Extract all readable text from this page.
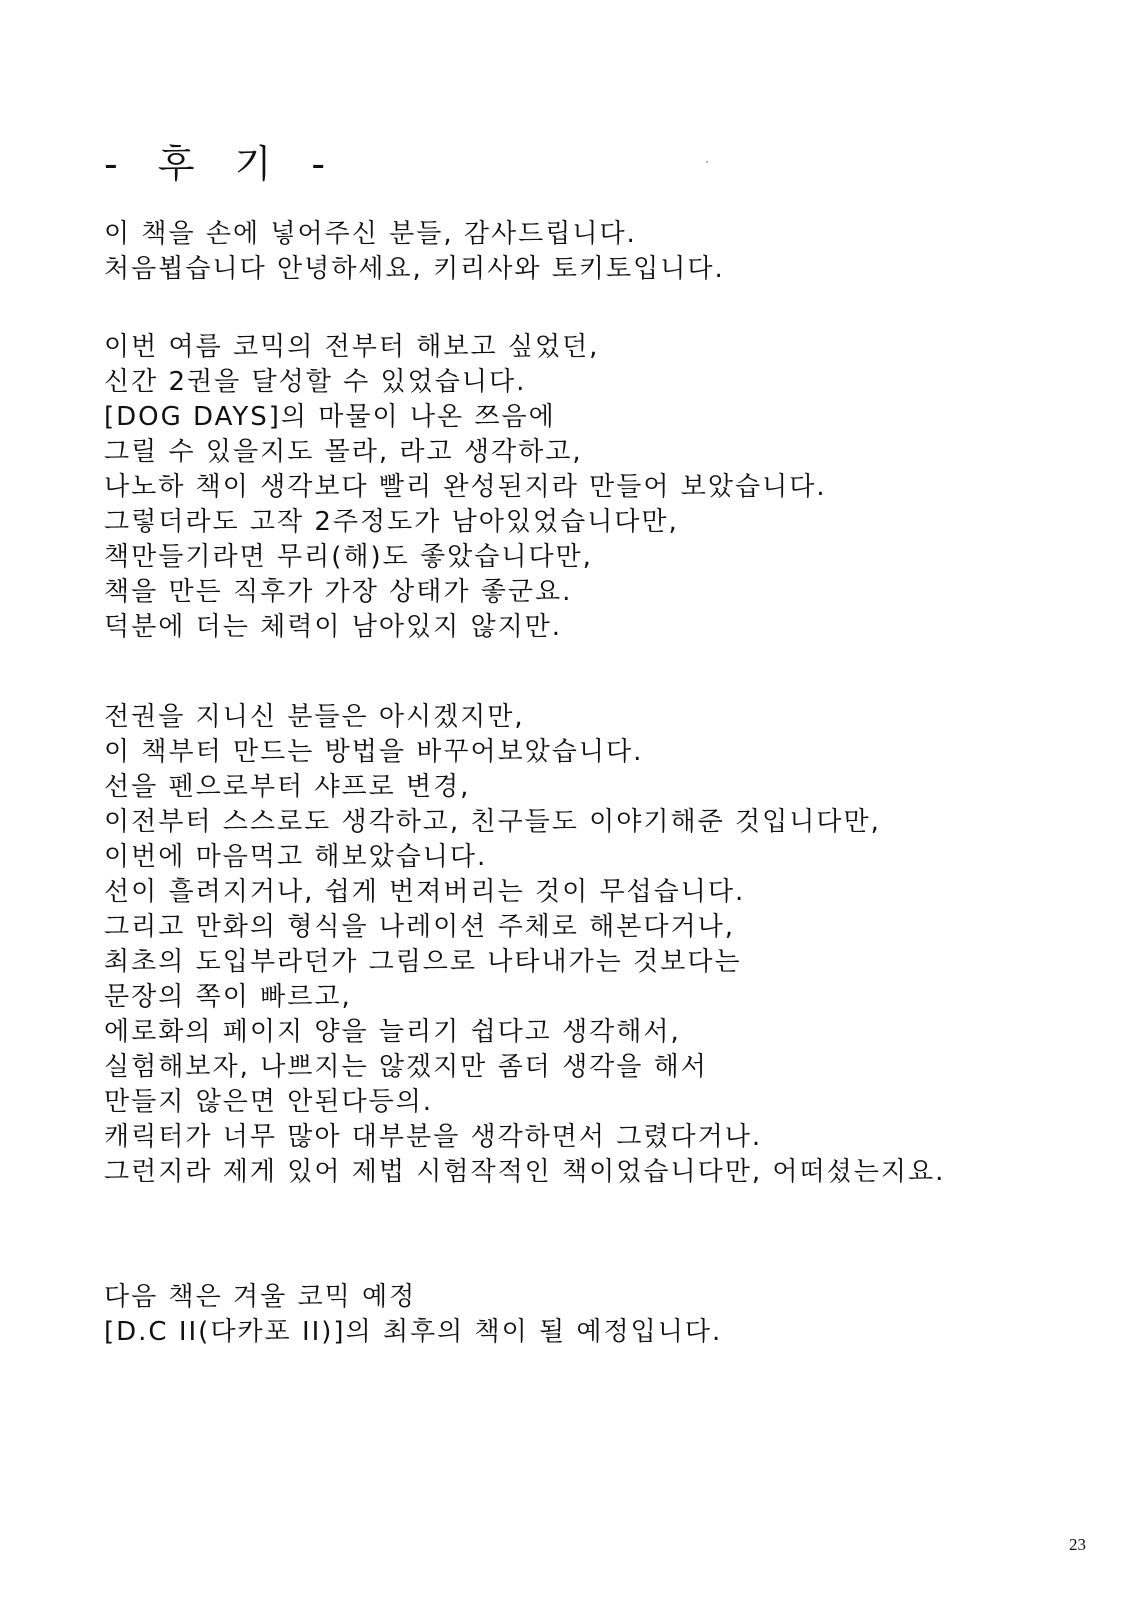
- 후 기 -
이 책을 손에 넣어주신 분들, 감사드립니다.
처음뵙습니다 안녕하세요, 키리사와 토키토입니다.
이번 여름 코믹의 전부터 해보고 싶었던,
신간 2권을 달성할 수 있었습니다.
[DOG DAYS]의 마물이 나온 쯔음에
그릴 수 있을지도 몰라, 라고 생각하고,
나노하 책이 생각보다 빨리 완성된지라 만들어 보았습니다.
그렇더라도 고작 2주정도가 남아있었습니다만,
책만들기라면 무리(해)도 좋았습니다만,
책을 만든 직후가 가장 상태가 좋군요.
덕분에 더는 체력이 남아있지 않지만.
전권을 지니신 분들은 아시겠지만,
이 책부터 만드는 방법을 바꾸어보았습니다.
선을 펜으로부터 샤프로 변경,
이전부터 스스로도 생각하고, 친구들도 이야기해준 것입니다만,
이번에 마음먹고 해보았습니다.
선이 흘려지거나, 쉽게 번져버리는 것이 무섭습니다.
그리고 만화의 형식을 나레이션 주체로 해본다거나,
최초의 도입부라던가 그림으로 나타내가는 것보다는
문장의 쪽이 빠르고,
에로화의 페이지 양을 늘리기 쉽다고 생각해서,
실험해보자, 나쁘지는 않겠지만 좀더 생각을 해서
만들지 않은면 안된다등의.
캐릭터가 너무 많아 대부분을 생각하면서 그렸다거나.
그런지라 제게 있어 제법 시험작적인 책이었습니다만, 어떠셨는지요.
다음 책은 겨울 코믹 예정
[D.C II(다카포 II)]의 최후의 책이 될 예정입니다.
23
